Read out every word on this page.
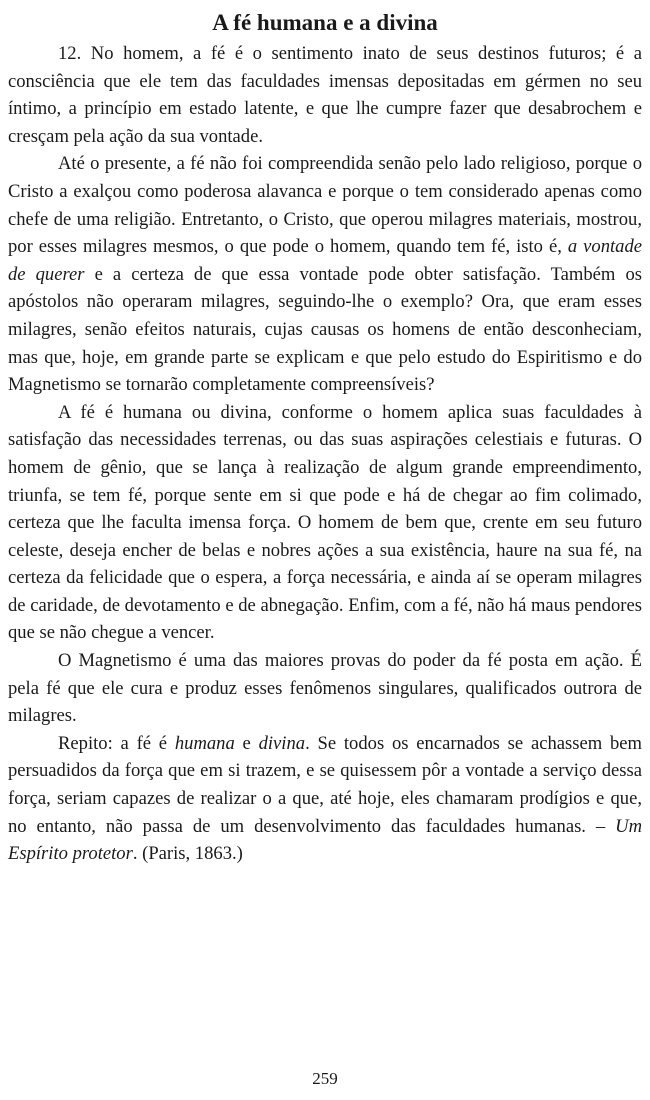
A fé humana e a divina

12. No homem, a fé é o sentimento inato de seus destinos futuros; é a consciência que ele tem das faculdades imensas depositadas em gérmen no seu íntimo, a princípio em estado latente, e que lhe cumpre fazer que desabrochem e cresçam pela ação da sua vontade.

Até o presente, a fé não foi compreendida senão pelo lado religioso, porque o Cristo a exalçou como poderosa alavanca e porque o tem considerado apenas como chefe de uma religião. Entretanto, o Cristo, que operou milagres materiais, mostrou, por esses milagres mesmos, o que pode o homem, quando tem fé, isto é, a vontade de querer e a certeza de que essa vontade pode obter satisfação. Também os apóstolos não operaram milagres, seguindo-lhe o exemplo? Ora, que eram esses milagres, senão efeitos naturais, cujas causas os homens de então desconheciam, mas que, hoje, em grande parte se explicam e que pelo estudo do Espiritismo e do Magnetismo se tornarão completamente compreensíveis?

A fé é humana ou divina, conforme o homem aplica suas faculdades à satisfação das necessidades terrenas, ou das suas aspirações celestiais e futuras. O homem de gênio, que se lança à realização de algum grande empreendimento, triunfa, se tem fé, porque sente em si que pode e há de chegar ao fim colimado, certeza que lhe faculta imensa força. O homem de bem que, crente em seu futuro celeste, deseja encher de belas e nobres ações a sua existência, haure na sua fé, na certeza da felicidade que o espera, a força necessária, e ainda aí se operam milagres de caridade, de devotamento e de abnegação. Enfim, com a fé, não há maus pendores que se não chegue a vencer.

O Magnetismo é uma das maiores provas do poder da fé posta em ação. É pela fé que ele cura e produz esses fenômenos singulares, qualificados outrora de milagres.

Repito: a fé é humana e divina. Se todos os encarnados se achassem bem persuadidos da força que em si trazem, e se quisessem pôr a vontade a serviço dessa força, seriam capazes de realizar o a que, até hoje, eles chamaram prodígios e que, no entanto, não passa de um desenvolvimento das faculdades humanas. – Um Espírito protetor. (Paris, 1863.)

259
